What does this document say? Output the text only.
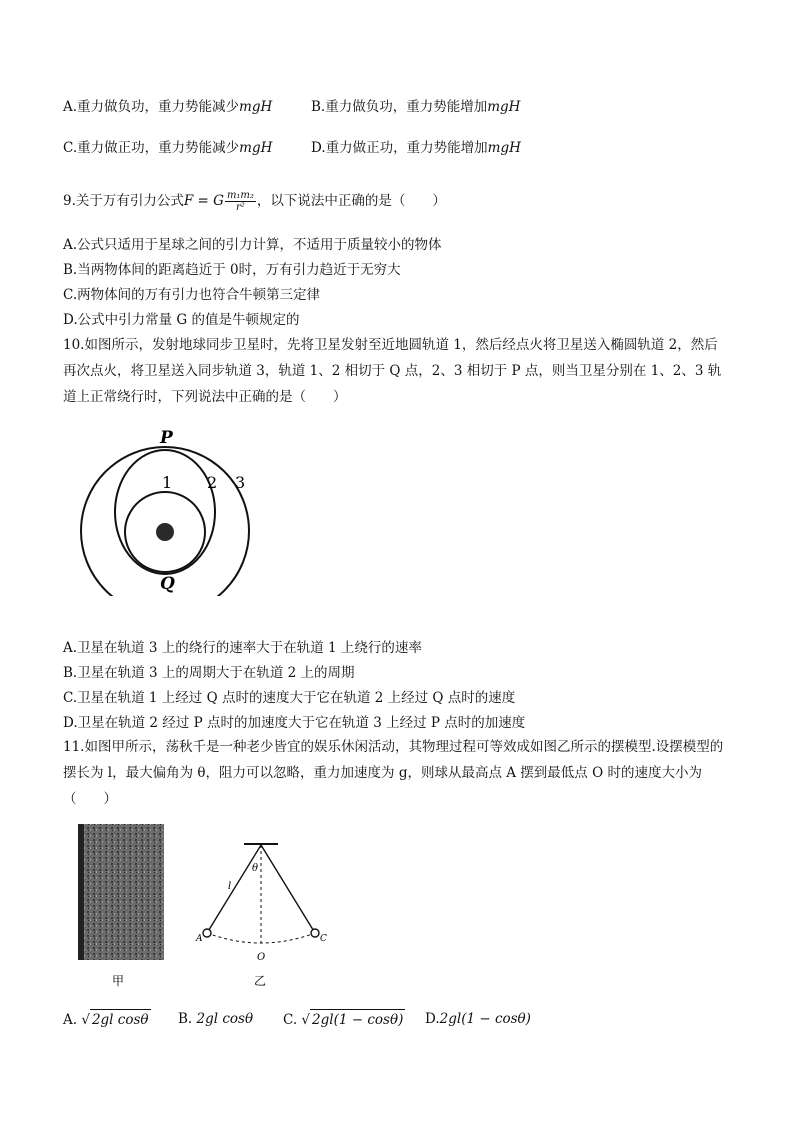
A.重力做负功，重力势能减少mgH	B.重力做负功，重力势能增加mgH
C.重力做正功，重力势能减少mgH	D.重力做正功，重力势能增加mgH
9.关于万有引力公式F = G $\frac{\text{m₁m₂}}{\text{r²}}$ ，以下说法中正确的是（　　）
A.公式只适用于星球之间的引力计算，不适用于质量较小的物体
B.当两物体间的距离趋近于 0时，万有引力趋近于无穷大
C.两物体间的万有引力也符合牛顿第三定律
D.公式中引力常量 G 的值是牛顿规定的
10.如图所示，发射地球同步卫星时，先将卫星发射至近地圆轨道 1，然后经点火将卫星送入椭圆轨道 2，然后再次点火，将卫星送入同步轨道 3，轨道 1、2 相切于 Q 点，2、3 相切于 P 点，则当卫星分别在 1、2、3 轨道上正常绕行时，下列说法中正确的是（　　）
P
Q
1 2 3
A.卫星在轨道 3 上的绕行的速率大于在轨道 1 上绕行的速率
B.卫星在轨道 3 上的周期大于在轨道 2 上的周期
C.卫星在轨道 1 上经过 Q 点时的速度大于它在轨道 2 上经过 Q 点时的速度
D.卫星在轨道 2 经过 P 点时的加速度大于它在轨道 3 上经过 P 点时的加速度
11.如图甲所示，荡秋千是一种老少皆宜的娱乐休闲活动，其物理过程可等效成如图乙所示的摆模型.设摆模型的摆长为 l，最大偏角为 θ，阻力可以忽略，重力加速度为 g，则球从最高点 A 摆到最低点 O 时的速度大小为（　　）
甲
θ
l
A	C
O
乙
A. √ 2gl cosθ B. 2gl cosθ C. √ 2gl(1 − cosθ) D.2gl(1 − cosθ)
